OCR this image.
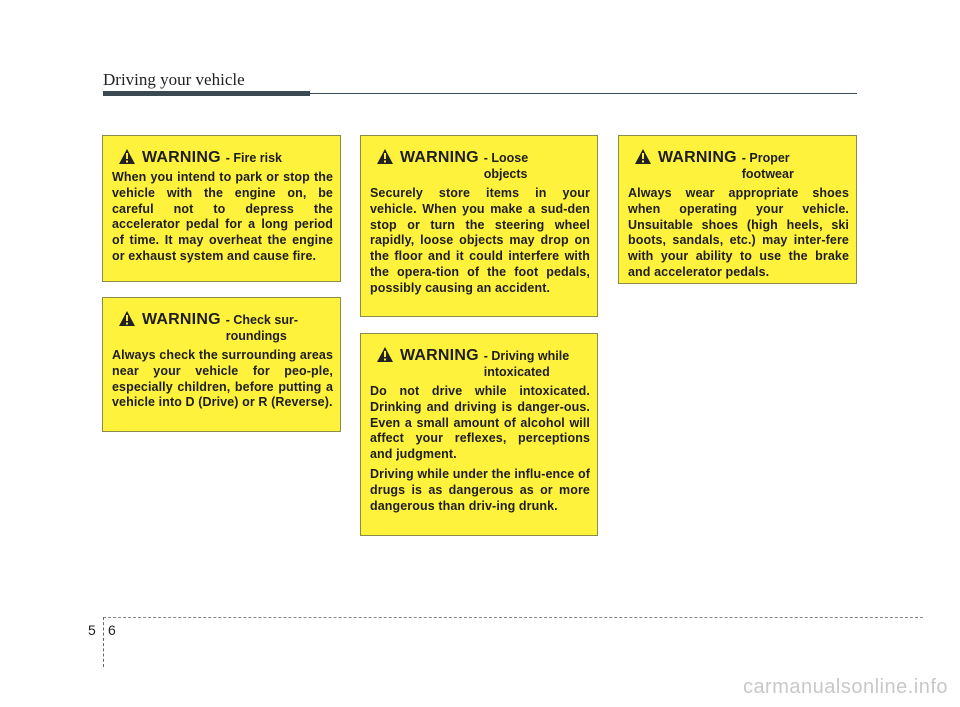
Driving your vehicle
WARNING - Fire risk

When you intend to park or stop the vehicle with the engine on, be careful not to depress the accelerator pedal for a long period of time. It may overheat the engine or exhaust system and cause fire.

WARNING - Check sur-
roundings

Always check the surrounding areas near your vehicle for peo-ple, especially children, before putting a vehicle into D (Drive) or R (Reverse).

WARNING - Loose
objects

Securely store items in your vehicle. When you make a sud-den stop or turn the steering wheel rapidly, loose objects may drop on the floor and it could interfere with the opera-tion of the foot pedals, possibly causing an accident.

WARNING - Driving while
intoxicated

Do not drive while intoxicated. Drinking and driving is danger-ous. Even a small amount of alcohol will affect your reflexes, perceptions and judgment.

Driving while under the influ-ence of drugs is as dangerous as or more dangerous than driv-ing drunk.

WARNING - Proper
footwear

Always wear appropriate shoes when operating your vehicle. Unsuitable shoes (high heels, ski boots, sandals, etc.) may inter-fere with your ability to use the brake and accelerator pedals.

5 6
carmanualsonline.info
